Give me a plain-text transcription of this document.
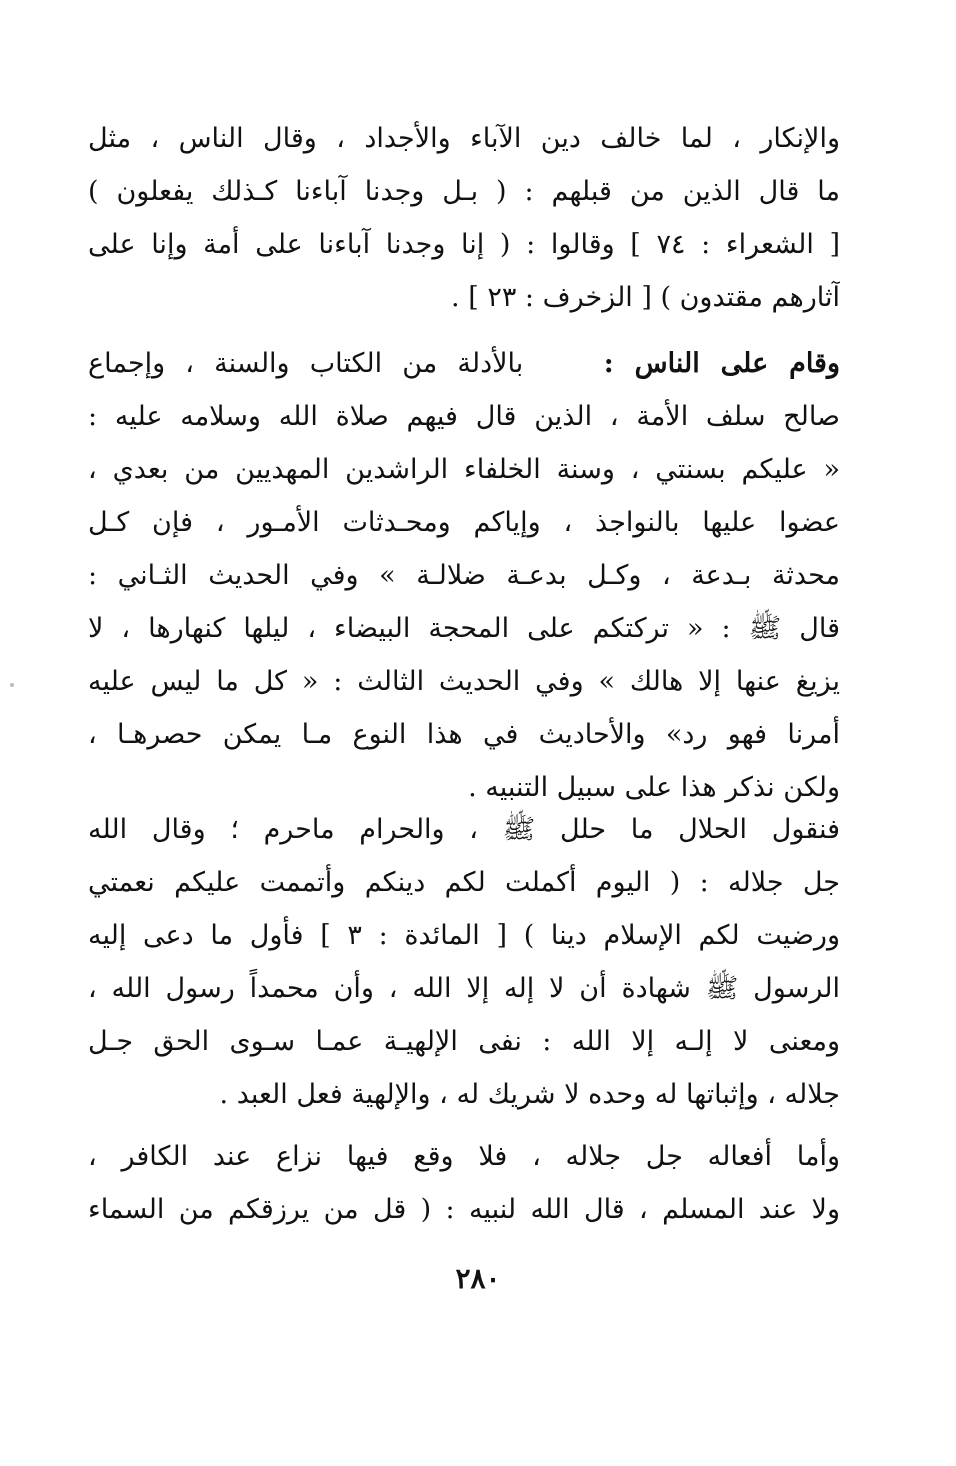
والإنكار ، لما خالف دين الآباء والأجداد ، وقال الناس ، مثل
ما قال الذين من قبلهم : ( بـل وجدنا آباءنا كـذلك يفعلون )
[ الشعراء : ٧٤ ] وقالوا : ( إنا وجدنا آباءنا على أمة وإنا على
آثارهم مقتدون ) [ الزخرف : ٢٣ ] .
وقام على الناس :    بالأدلة من الكتاب والسنة ، وإجماع
صالح سلف الأمة ، الذين قال فيهم صلاة الله وسلامه عليه :
« عليكم بسنتي ، وسنة الخلفاء الراشدين المهديين من بعدي ،
عضوا عليها بالنواجذ ، وإياكم ومحـدثات الأمـور ، فإن كـل
محدثة بـدعة ، وكـل بدعـة ضلالـة » وفي الحديث الثـاني :
قال ﷺ : « تركتكم على المحجة البيضاء ، ليلها كنهارها ، لا
يزيغ عنها إلا هالك » وفي الحديث الثالث : « كل ما ليس عليه
أمرنا فهو رد» والأحاديث في هذا النوع مـا يمكن حصرهـا ،
ولكن نذكر هذا على سبيل التنبيه .
فنقول الحلال ما حلل ﷺ ، والحرام ماحرم ؛ وقال الله
جل جلاله : ( اليوم أكملت لكم دينكم وأتممت عليكم نعمتي
ورضيت لكم الإسلام دينا ) [ المائدة : ٣ ] فأول ما دعى إليه
الرسول ﷺ شهادة أن لا إله إلا الله ، وأن محمداً رسول الله ،
ومعنى لا إلـه إلا الله : نفى الإلهيـة عمـا سـوى الحق جـل
جلاله ، وإثباتها له وحده لا شريك له ، والإلهية فعل العبد .
وأما أفعاله جل جلاله ، فلا وقع فيها نزاع عند الكافر ،
ولا عند المسلم ، قال الله لنبيه : ( قل من يرزقكم من السماء
٢٨٠
